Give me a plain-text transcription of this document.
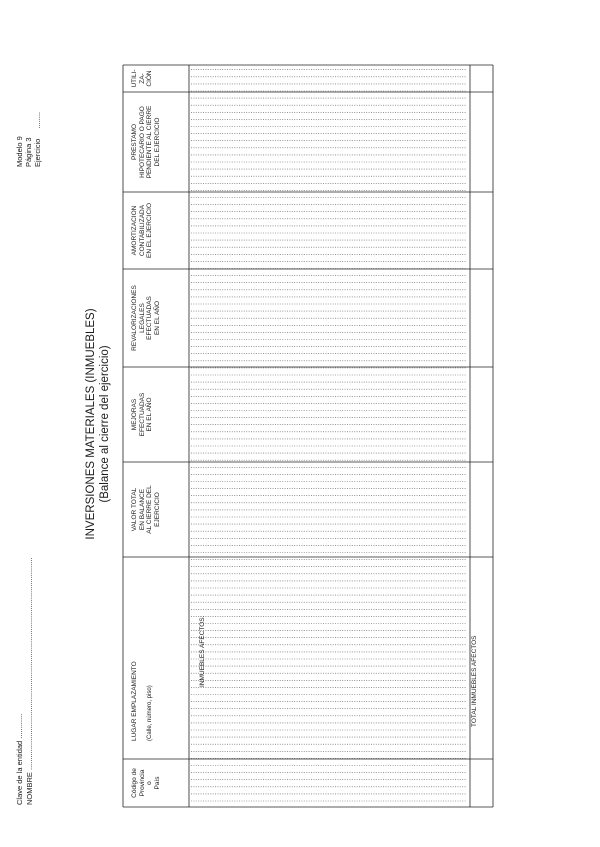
Clave de la entidad ............
NOMBRE ......................................................................................................
Modelo 9 Página 3 Ejercicio ........
INVERSIONES MATERIALES (INMUEBLES) (Balance al cierre del ejercicio)
Código de Provincia o País
LUGAR EMPLAZAMIENTO (Calle, número, piso)
VALOR TOTAL EN BALANCE AL CIERRE DEL EJERCICIO
MEJORAS EFECTUADAS EN EL AÑO
REVALORIZACIONES LEGALES EFECTUADAS EN EL AÑO
AMORTIZACIÓN CONTABILIZADA EN EL EJERCICIO
PRÉSTAMO HIPOTECARIO O PAGO PENDIENTE AL CIERRE DEL EJERCICIO
UTILI- ZA- CIÓN
INMUEBLES AFECTOS:	TOTAL INMUEBLES AFECTOS
